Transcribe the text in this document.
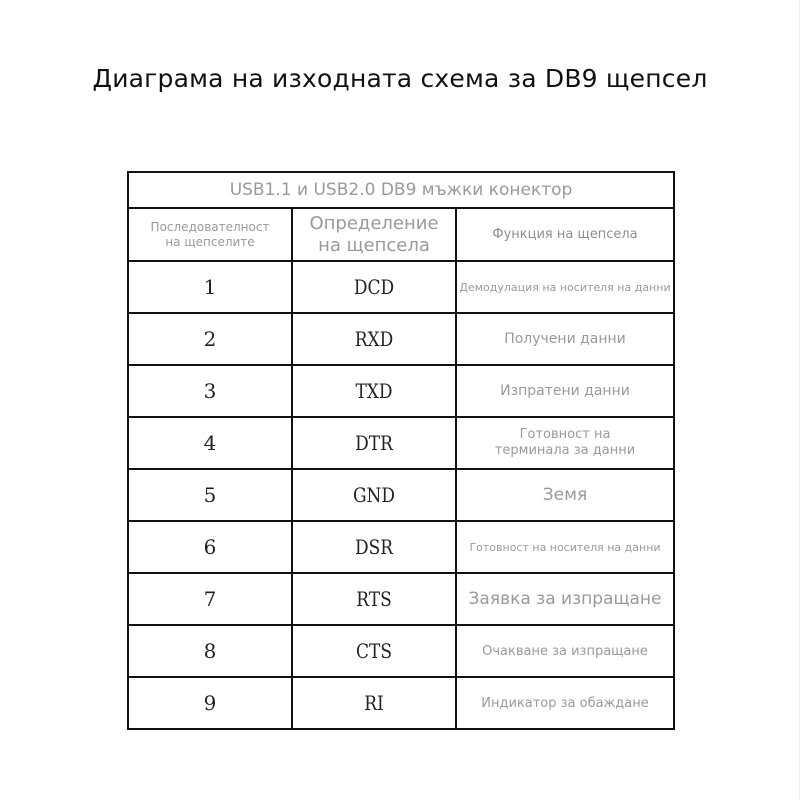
Диаграма на изходната схема за DB9 щепсел
USB1.1 и USB2.0 DB9 мъжки конектор		
Последователност на щепселите	Определение на щепсела	Функция на щепсела
1	DCD	Демодулация на носителя на данни
2	RXD	Получени данни
3	TXD	Изпратени данни
4	DTR	Готовност на терминала за данни
5	GND	Земя
6	DSR	Готовност на носителя на данни
7	RTS	Заявка за изпращане
8	CTS	Очакване за изпращане
9	RI	Индикатор за обаждане
